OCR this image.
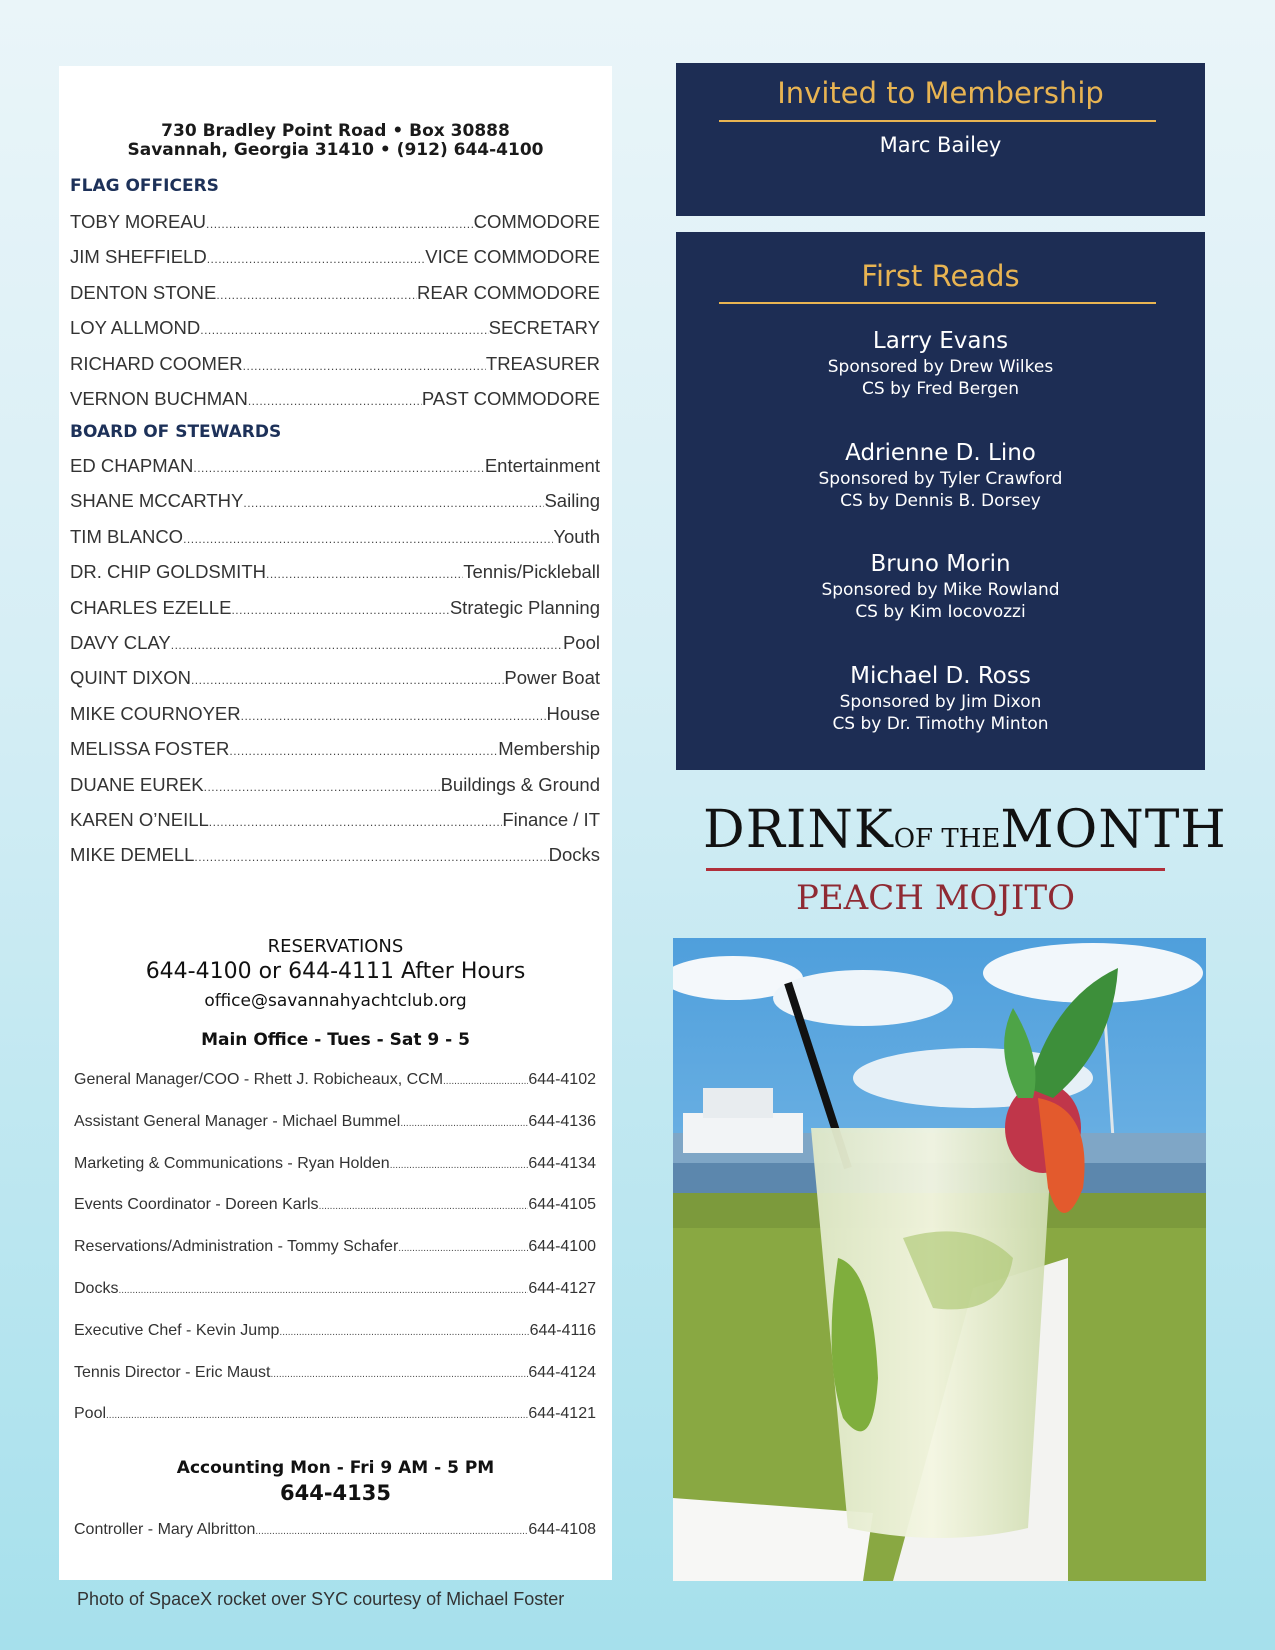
730 Bradley Point Road • Box 30888
Savannah, Georgia 31410 • (912) 644-4100
FLAG OFFICERS
TOBY MOREAU .....	COMMODORE
JIM SHEFFIELD .....	VICE COMMODORE
DENTON STONE .....	REAR COMMODORE
LOY ALLMOND .....	SECRETARY
RICHARD COOMER .....	TREASURER
VERNON BUCHMAN .....	PAST COMMODORE
BOARD OF STEWARDS
ED CHAPMAN .....	Entertainment
SHANE MCCARTHY .....	Sailing
TIM BLANCO .....	Youth
DR. CHIP GOLDSMITH .....	Tennis/Pickleball
CHARLES EZELLE .....	Strategic Planning
DAVY CLAY .....	Pool
QUINT DIXON .....	Power Boat
MIKE COURNOYER .....	House
MELISSA FOSTER .....	Membership
DUANE EUREK .....	Buildings & Ground
KAREN O’NEILL .....	Finance / IT
MIKE DEMELL .....	Docks
RESERVATIONS
644-4100 or 644-4111 After Hours
office@savannahyachtclub.org
Main Office - Tues - Sat 9 - 5
General Manager/COO - Rhett J. Robicheaux, CCM .....	644-4102
Assistant General Manager - Michael Bummel .....	644-4136
Marketing & Communications - Ryan Holden .....	644-4134
Events Coordinator - Doreen Karls .....	644-4105
Reservations/Administration - Tommy Schafer .....	644-4100
Docks .....	644-4127
Executive Chef - Kevin Jump .....	644-4116
Tennis Director - Eric Maust .....	644-4124
Pool .....	644-4121
Accounting Mon - Fri 9 AM - 5 PM
644-4135
Controller - Mary Albritton .....	644-4108
Photo of SpaceX rocket over SYC courtesy of Michael Foster
Invited to Membership
Marc Bailey
First Reads
Larry Evans
Sponsored by Drew Wilkes
CS by Fred Bergen
Adrienne D. Lino
Sponsored by Tyler Crawford
CS by Dennis B. Dorsey
Bruno Morin
Sponsored by Mike Rowland
CS by Kim Iocovozzi
Michael D. Ross
Sponsored by Jim Dixon
CS by Dr. Timothy Minton
DRINKOF THEMONTH
PEACH MOJITO
